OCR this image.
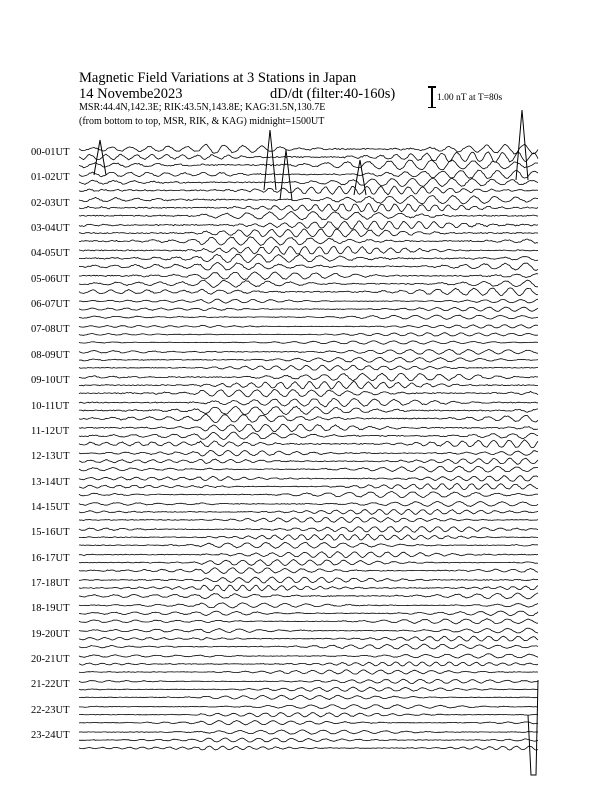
Magnetic Field Variations at 3 Stations in Japan
14 Novembe2023	dD/dt (filter:40-160s)
MSR:44.4N,142.3E; RIK:43.5N,143.8E; KAG:31.5N,130.7E
(from bottom to top, MSR, RIK, & KAG) midnight=1500UT
1.00 nT at T=80s
00-01UT
01-02UT
02-03UT
03-04UT
04-05UT
05-06UT
06-07UT
07-08UT
08-09UT
09-10UT
10-11UT
11-12UT
12-13UT
13-14UT
14-15UT
15-16UT
16-17UT
17-18UT
18-19UT
19-20UT
20-21UT
21-22UT
22-23UT
23-24UT
